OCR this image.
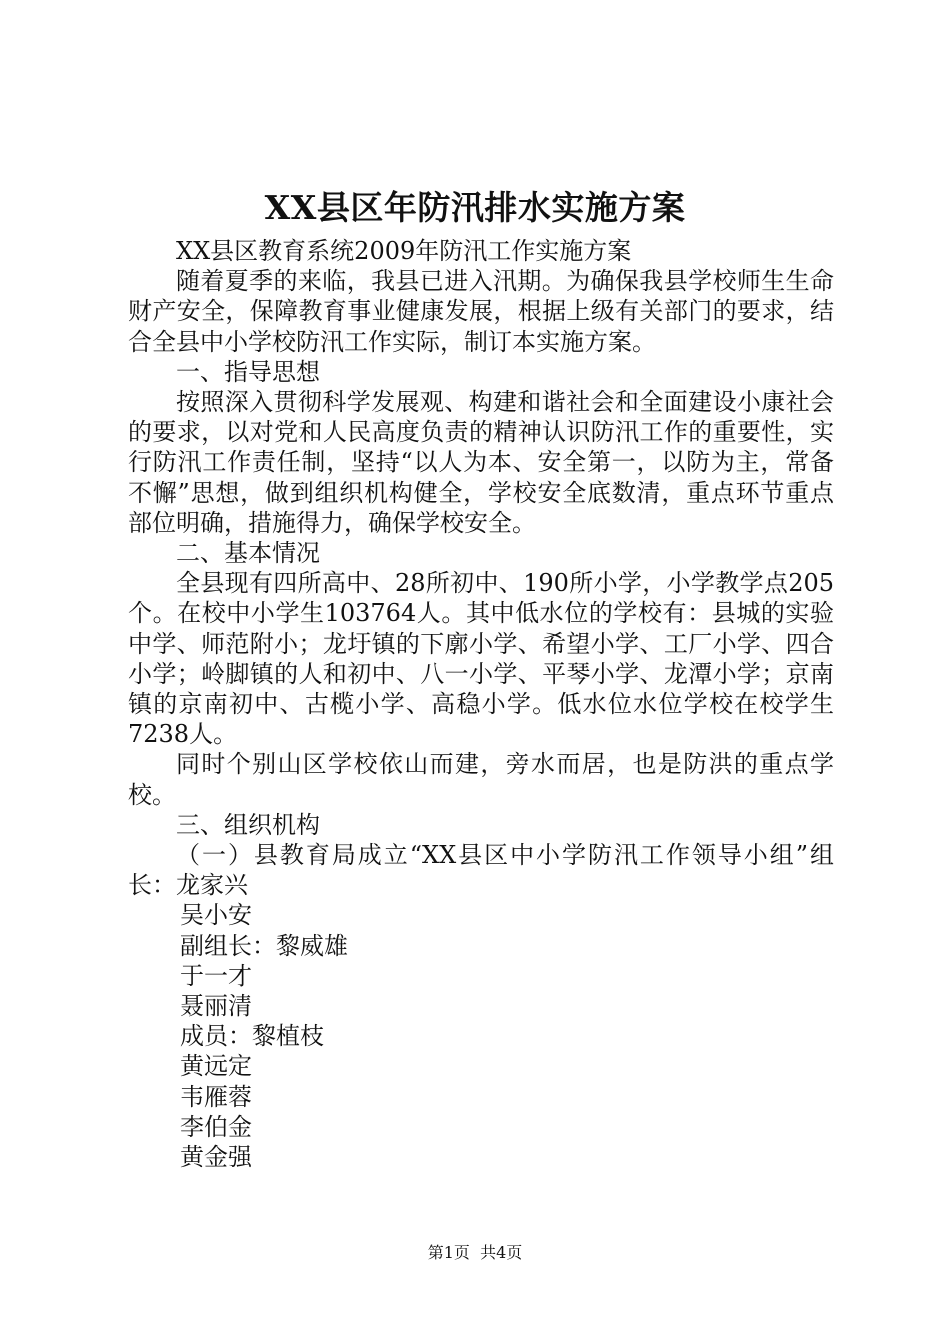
XX县区年防汛排水实施方案

XX县区教育系统2009年防汛工作实施方案

随着夏季的来临，我县已进入汛期。为确保我县学校师生生命财产安全，保障教育事业健康发展，根据上级有关部门的要求，结合全县中小学校防汛工作实际，制订本实施方案。

一、指导思想

按照深入贯彻科学发展观、构建和谐社会和全面建设小康社会的要求，以对党和人民高度负责的精神认识防汛工作的重要性，实行防汛工作责任制，坚持“以人为本、安全第一，以防为主，常备不懈”思想，做到组织机构健全，学校安全底数清，重点环节重点部位明确，措施得力，确保学校安全。

二、基本情况

全县现有四所高中、28所初中、190所小学，小学教学点205个。在校中小学生103764人。其中低水位的学校有：县城的实验中学、师范附小；龙圩镇的下廓小学、希望小学、工厂小学、四合小学；岭脚镇的人和初中、八一小学、平琴小学、龙潭小学；京南镇的京南初中、古榄小学、高稳小学。低水位水位学校在校学生7238人。

同时个别山区学校依山而建，旁水而居，也是防洪的重点学校。

三、组织机构

（一）县教育局成立“XX县区中小学防汛工作领导小组”组长：龙家兴

吴小安

副组长：黎威雄

于一才

聂丽清

成员：黎植枝

黄远定

韦雁蓉

李伯金

黄金强

第1页  共4页
